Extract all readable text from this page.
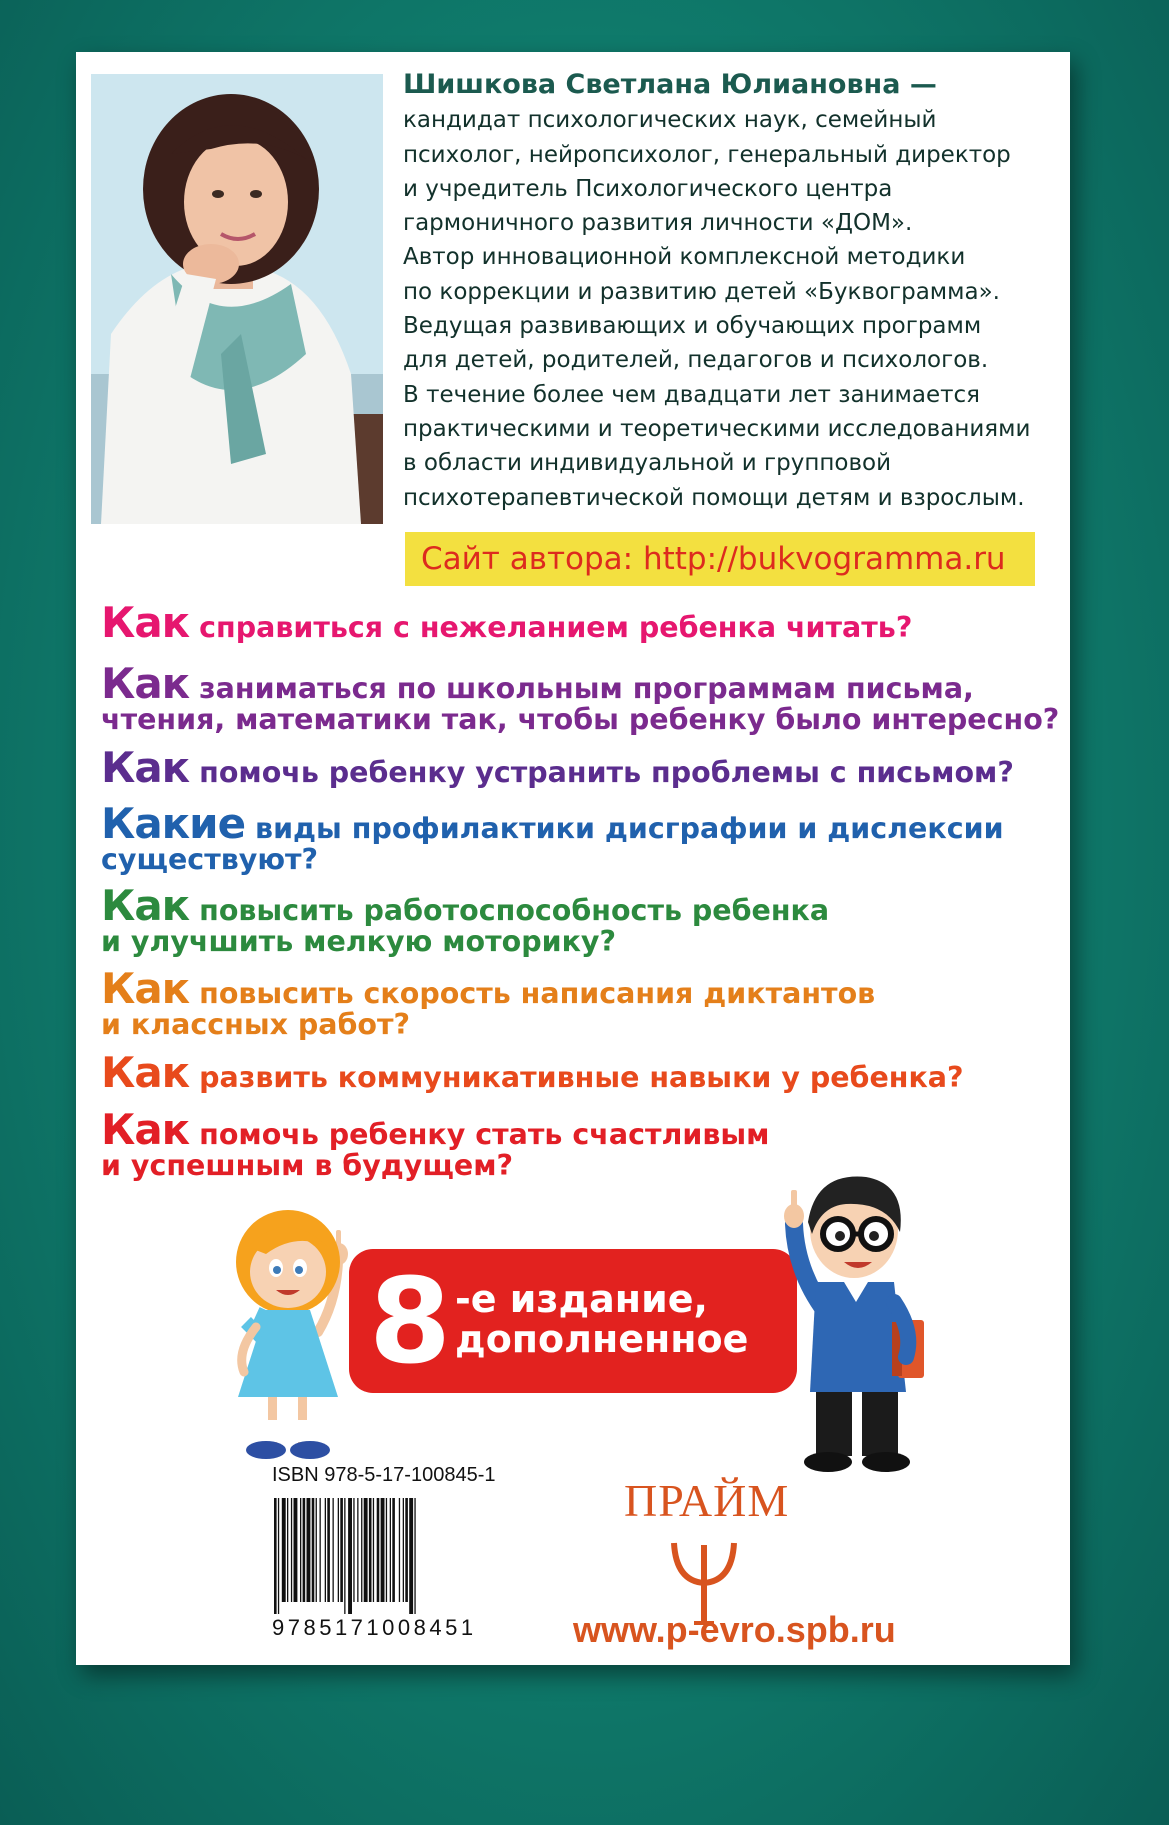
Шишкова Светлана Юлиановна —
кандидат психологических наук, семейный
психолог, нейропсихолог, генеральный директор
и учредитель Психологического центра
гармоничного развития личности «ДОМ».
Автор инновационной комплексной методики
по коррекции и развитию детей «Буквограмма».
Ведущая развивающих и обучающих программ
для детей, родителей, педагогов и психологов.
В течение более чем двадцати лет занимается
практическими и теоретическими исследованиями
в области индивидуальной и групповой
психотерапевтической помощи детям и взрослым.
Сайт автора: http://bukvogramma.ru
Как справиться с нежеланием ребенка читать?
Как заниматься по школьным программам письма,
чтения, математики так, чтобы ребенку было интересно?
Как помочь ребенку устранить проблемы с письмом?
Какие виды профилактики дисграфии и дислексии
существуют?
Как повысить работоспособность ребенка
и улучшить мелкую моторику?
Как повысить скорость написания диктантов
и классных работ?
Как развить коммуникативные навыки у ребенка?
Как помочь ребенку стать счастливым
и успешным в будущем?
8 -е издание,
дополненное
ISBN 978-5-17-100845-1
9785171008451
ПРАЙМ
www.p-evro.spb.ru
